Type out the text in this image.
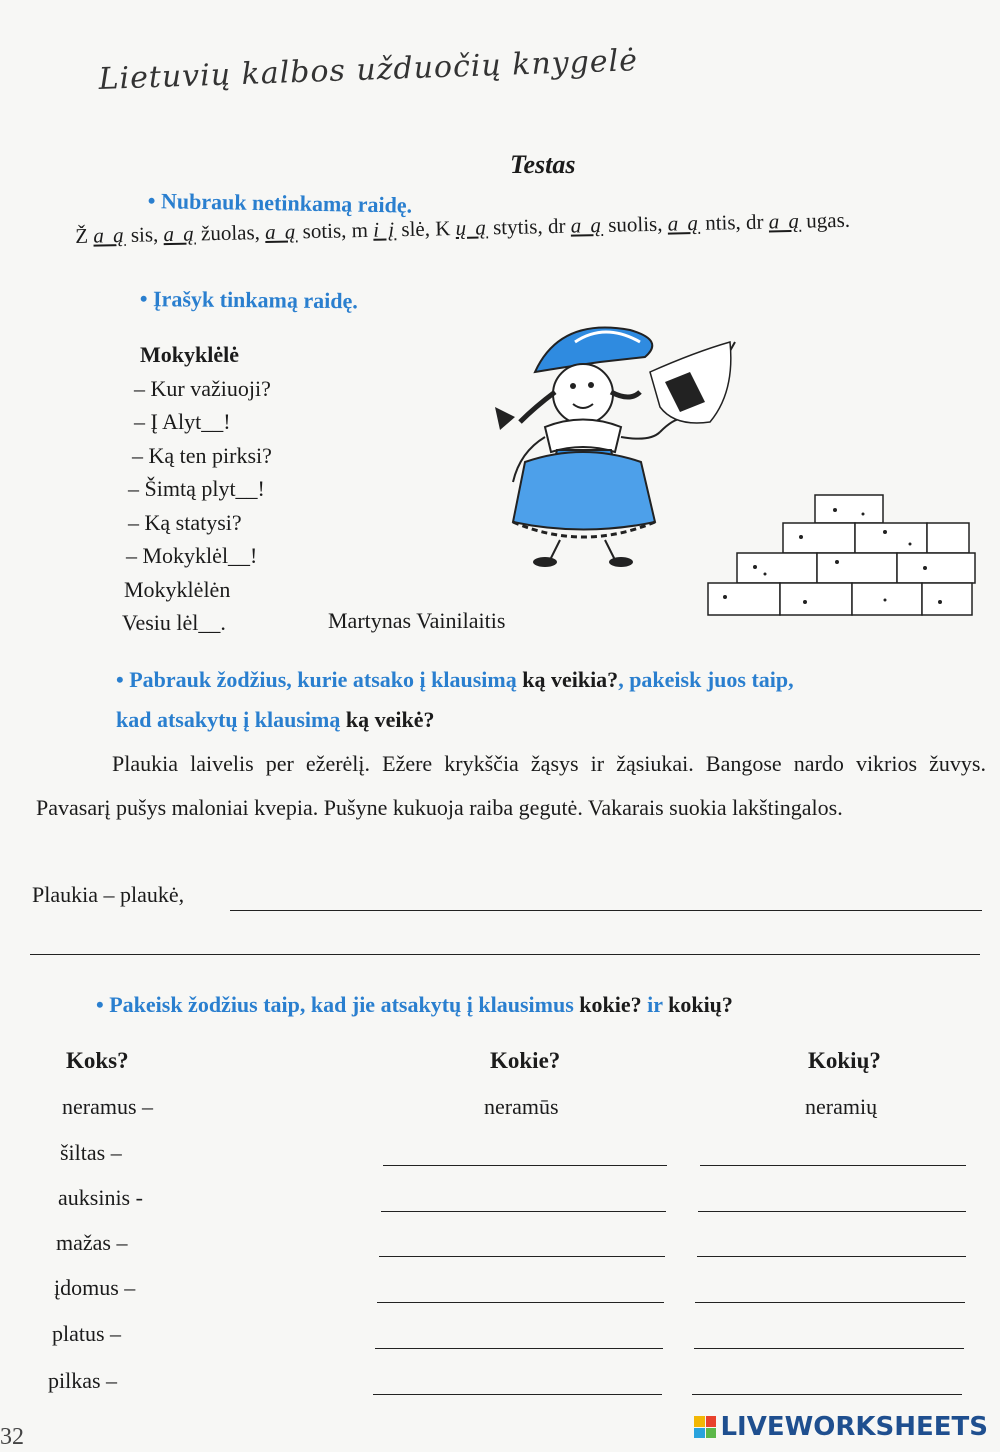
Lietuvių kalbos užduočių knygelė
Testas
• Nubrauk netinkamą raidę.
Ž a ą sis, a ą žuolas, a ą sotis, m i į slė, K ų ą stytis, dr a ą suolis, a ą ntis, dr a ą ugas.
• Įrašyk tinkamą raidę.
Mokyklėlė
– Kur važiuoji?
– Į Alyt__!
– Ką ten pirksi?
– Šimtą plyt__!
– Ką statysi?
– Mokyklėl__!
Mokyklėlėn
Vesiu lėl__.	Martynas Vainilaitis
• Pabrauk žodžius, kurie atsako į klausimą ką veikia?, pakeisk juos taip,
kad atsakytų į klausimą ką veikė?
Plaukia laivelis per ežerėlį. Ežere krykščia žąsys ir žąsiukai. Bangose nardo vikrios žuvys. Pavasarį pušys maloniai kvepia. Pušyne kukuoja raiba gegutė. Vakarais suokia lakštingalos.
Plaukia – plaukė,
• Pakeisk žodžius taip, kad jie atsakytų į klausimus kokie? ir kokių?
Koks?	Kokie?	Kokių?
neramus –	neramūs	neramių
šiltas –
auksinis -
mažas –
įdomus –
platus –
pilkas –
32	LIVEWORKSHEETS
